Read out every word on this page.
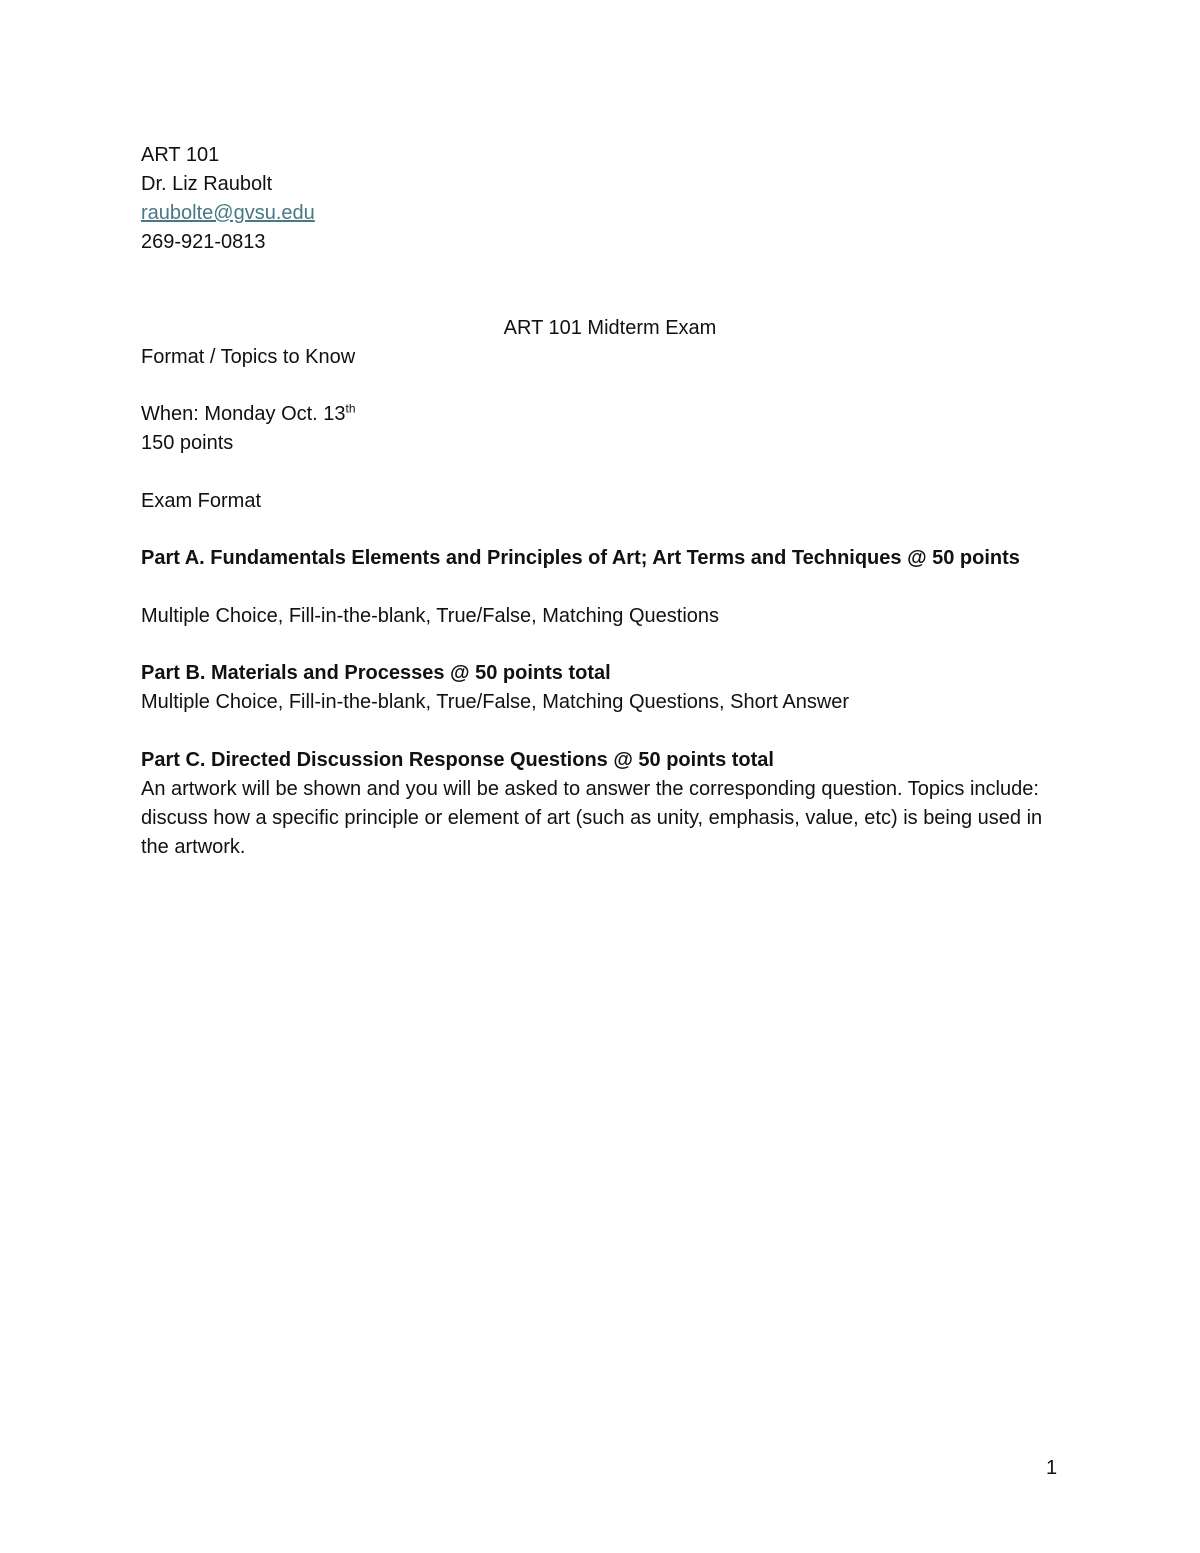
ART 101
Dr. Liz Raubolt
raubolte@gvsu.edu
269-921-0813
ART 101 Midterm Exam
Format / Topics to Know
When: Monday Oct. 13th
150 points
Exam Format
Part A. Fundamentals Elements and Principles of Art; Art Terms and Techniques @ 50 points
Multiple Choice, Fill-in-the-blank, True/False, Matching Questions
Part B. Materials and Processes @ 50 points total
Multiple Choice, Fill-in-the-blank, True/False, Matching Questions, Short Answer
Part C. Directed Discussion Response Questions @ 50 points total
An artwork will be shown and you will be asked to answer the corresponding question. Topics include: discuss how a specific principle or element of art (such as unity, emphasis, value, etc) is being used in the artwork.
1
